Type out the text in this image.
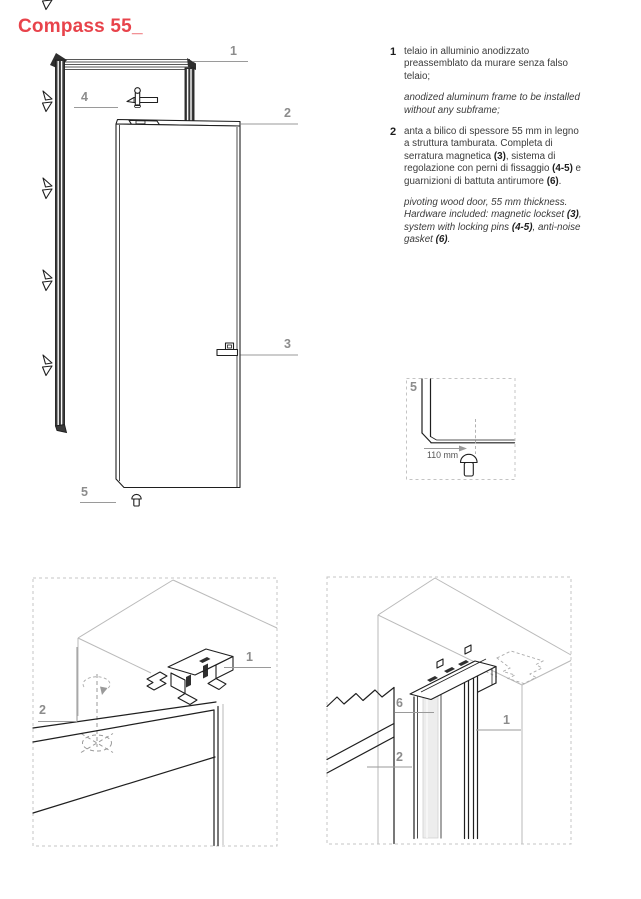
Compass 55_
1
2
3
4
5
5
110 mm
1
2	6
1
2
1 telaio in alluminio anodizzato preassemblato da murare senza falso telaio;

anodized aluminum frame to be installed without any subframe;

2 anta a bilico di spessore 55 mm in legno a struttura tamburata. Completa di serratura magnetica (3), sistema di regolazione con perni di fissaggio (4-5) e guarnizioni di battuta antirumore (6).

pivoting wood door, 55 mm thickness. Hardware included: magnetic lockset (3), system with locking pins (4-5), anti-noise gasket (6).
